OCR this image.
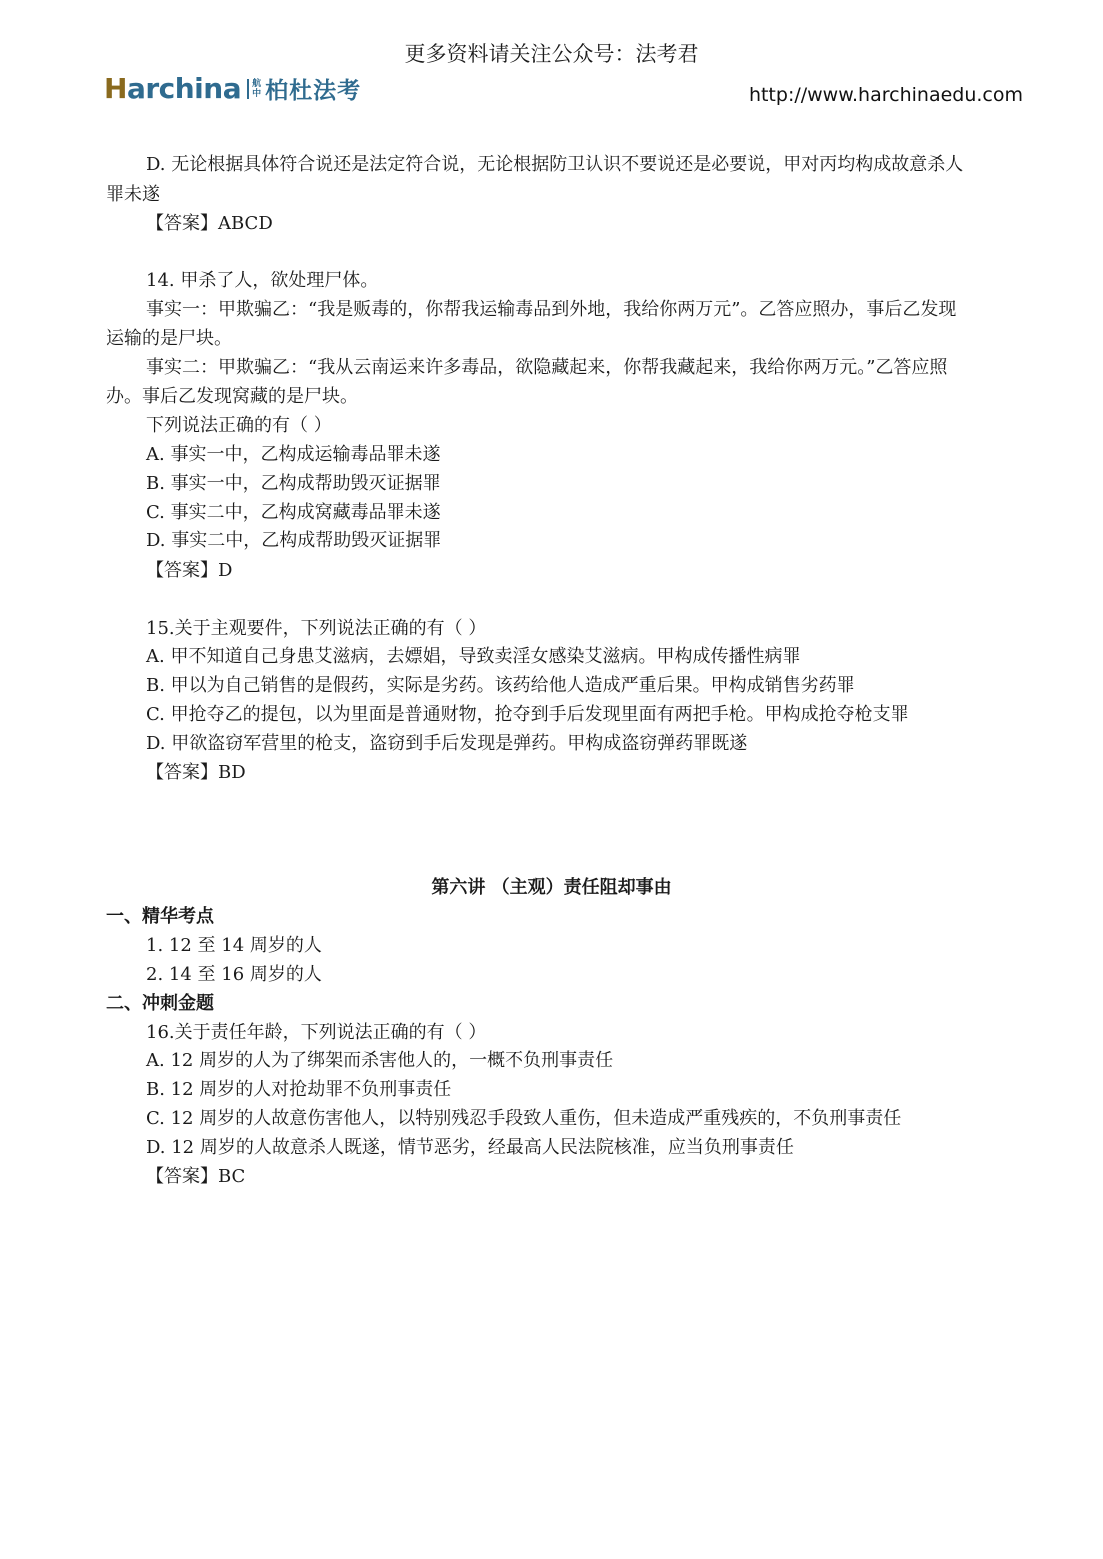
更多资料请关注公众号：法考君
Harchina 航
中 柏杜法考	http://www.harchinaedu.com
D. 无论根据具体符合说还是法定符合说，无论根据防卫认识不要说还是必要说，甲对丙均构成故意杀人
罪未遂
【答案】ABCD
14. 甲杀了人，欲处理尸体。
事实一：甲欺骗乙：“我是贩毒的，你帮我运输毒品到外地，我给你两万元”。乙答应照办，事后乙发现
运输的是尸块。
事实二：甲欺骗乙：“我从云南运来许多毒品，欲隐藏起来，你帮我藏起来，我给你两万元。”乙答应照
办。事后乙发现窝藏的是尸块。
下列说法正确的有（ ）
A. 事实一中，乙构成运输毒品罪未遂
B. 事实一中，乙构成帮助毁灭证据罪
C. 事实二中，乙构成窝藏毒品罪未遂
D. 事实二中，乙构成帮助毁灭证据罪
【答案】D
15.关于主观要件，下列说法正确的有（ ）
A. 甲不知道自己身患艾滋病，去嫖娼，导致卖淫女感染艾滋病。甲构成传播性病罪
B. 甲以为自己销售的是假药，实际是劣药。该药给他人造成严重后果。甲构成销售劣药罪
C. 甲抢夺乙的提包，以为里面是普通财物，抢夺到手后发现里面有两把手枪。甲构成抢夺枪支罪
D. 甲欲盗窃军营里的枪支，盗窃到手后发现是弹药。甲构成盗窃弹药罪既遂
【答案】BD
第六讲 （主观）责任阻却事由
一、精华考点
1. 12 至 14 周岁的人
2. 14 至 16 周岁的人
二、冲刺金题
16.关于责任年龄，下列说法正确的有（ ）
A. 12 周岁的人为了绑架而杀害他人的，一概不负刑事责任
B. 12 周岁的人对抢劫罪不负刑事责任
C. 12 周岁的人故意伤害他人，以特别残忍手段致人重伤，但未造成严重残疾的，不负刑事责任
D. 12 周岁的人故意杀人既遂，情节恶劣，经最高人民法院核准，应当负刑事责任
【答案】BC
